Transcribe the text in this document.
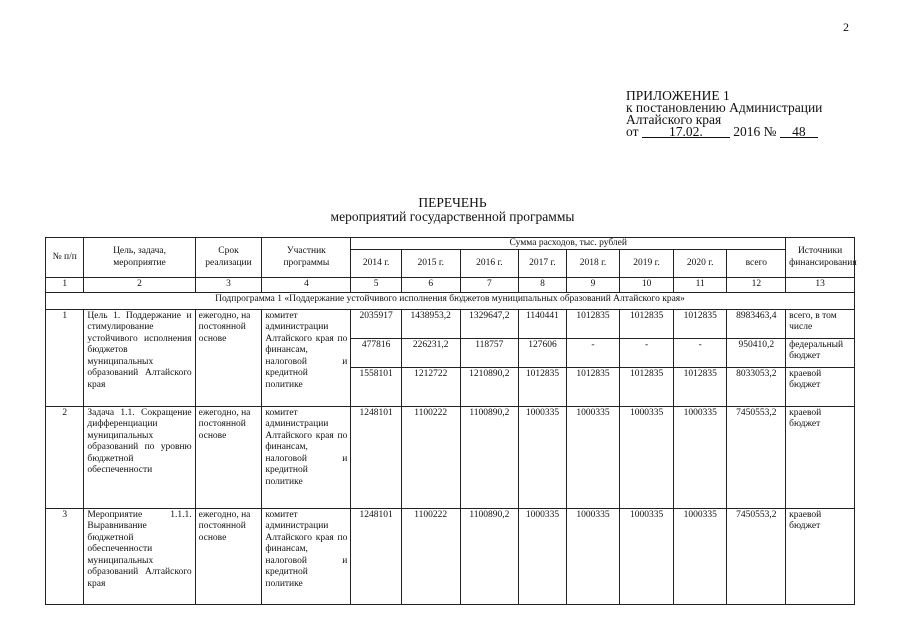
2
ПРИЛОЖЕНИЕ 1
к постановлению Администрации
Алтайского края
от 17.02. 2016 № 48
ПЕРЕЧЕНЬ
мероприятий государственной программы
№ п/п	Цель, задача, мероприятие	Срок реализации	Участник программы	Сумма расходов, тыс. рублей								Источники финансирования
				2014 г.	2015 г.	2016 г.	2017 г.	2018 г.	2019 г.	2020 г.	всего	
1	2	3	4	5	6	7	8	9	10	11	12	13
Подпрограмма 1 «Поддержание устойчивого исполнения бюджетов муниципальных образований Алтайского края»												
1	Цель 1. Поддержание и стимулирование устойчивого исполнения бюджетов муниципальных образований Алтайского края	ежегодно, на постоянной основе	комитет администрации Алтайского края по финансам, налоговой и кредитной политике	2035917	1438953,2	1329647,2	1140441	1012835	1012835	1012835	8983463,4	всего, в том числе
				477816	226231,2	118757	127606	-	-	-	950410,2	федеральный бюджет
				1558101	1212722	1210890,2	1012835	1012835	1012835	1012835	8033053,2	краевой бюджет
2	Задача 1.1. Сокращение дифференциации муниципальных образований по уровню бюджетной обеспеченности	ежегодно, на постоянной основе	комитет администрации Алтайского края по финансам, налоговой и кредитной политике	1248101	1100222	1100890,2	1000335	1000335	1000335	1000335	7450553,2	краевой бюджет
3	Мероприятие 1.1.1. Выравнивание бюджетной обеспеченности муниципальных образований Алтайского края	ежегодно, на постоянной основе	комитет администрации Алтайского края по финансам, налоговой и кредитной политике	1248101	1100222	1100890,2	1000335	1000335	1000335	1000335	7450553,2	краевой бюджет
